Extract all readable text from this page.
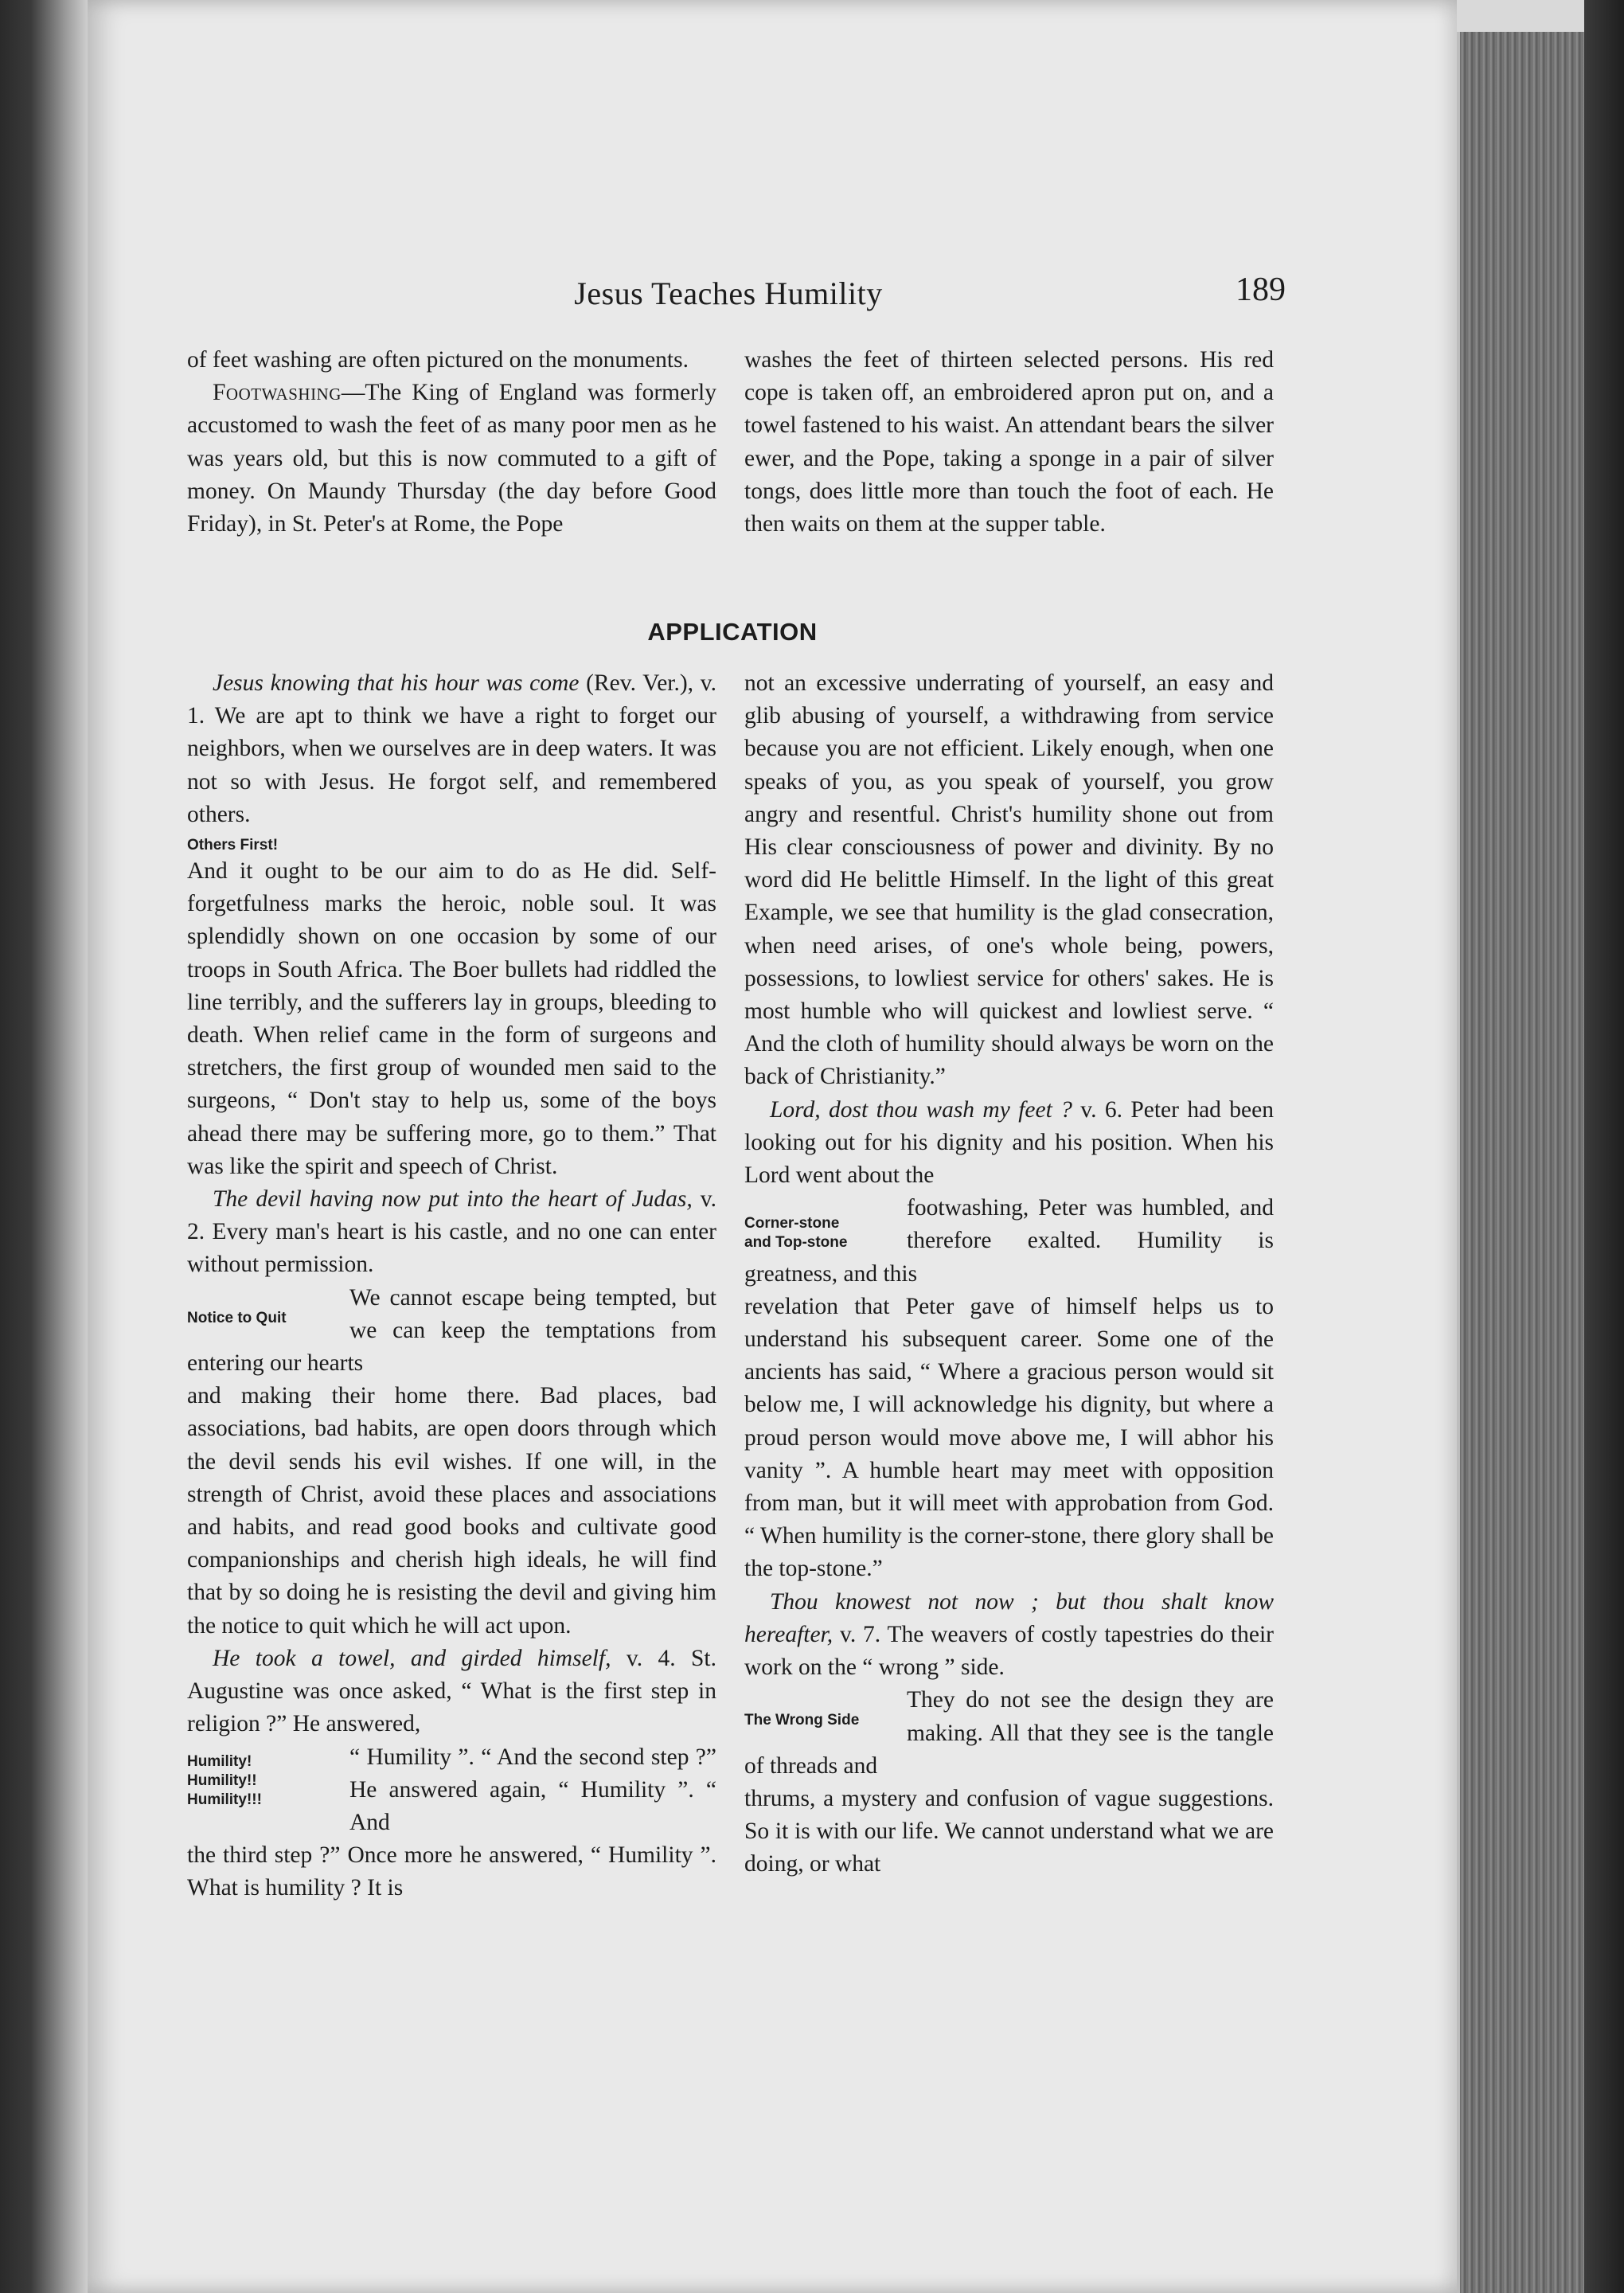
Jesus Teaches Humility	189

of feet washing are often pictured on the monuments.

Footwashing—The King of England was formerly accustomed to wash the feet of as many poor men as he was years old, but this is now commuted to a gift of money. On Maundy Thursday (the day before Good Friday), in St. Peter's at Rome, the Pope

washes the feet of thirteen selected persons. His red cope is taken off, an embroidered apron put on, and a towel fastened to his waist. An attendant bears the silver ewer, and the Pope, taking a sponge in a pair of silver tongs, does little more than touch the foot of each. He then waits on them at the supper table.

APPLICATION

Jesus knowing that his hour was come (Rev. Ver.), v. 1. We are apt to think we have a right to forget our neighbors, when we ourselves are in deep waters. It was not so with Jesus. He forgot self, and remembered others.

Others First!

And it ought to be our aim to do as He did. Self-forgetfulness marks the heroic, noble soul. It was splendidly shown on one occasion by some of our troops in South Africa. The Boer bullets had riddled the line terribly, and the sufferers lay in groups, bleeding to death. When relief came in the form of surgeons and stretchers, the first group of wounded men said to the surgeons, “ Don't stay to help us, some of the boys ahead there may be suffering more, go to them.” That was like the spirit and speech of Christ.

The devil having now put into the heart of Judas, v. 2. Every man's heart is his castle, and no one can enter without permission.

Notice to Quit
We cannot escape being tempted, but we can keep the temptations from entering our hearts

and making their home there. Bad places, bad associations, bad habits, are open doors through which the devil sends his evil wishes. If one will, in the strength of Christ, avoid these places and associations and habits, and read good books and cultivate good companionships and cherish high ideals, he will find that by so doing he is resisting the devil and giving him the notice to quit which he will act upon.

He took a towel, and girded himself, v. 4. St. Augustine was once asked, “ What is the first step in religion ?” He answered,

Humility!
Humility!!
Humility!!!
“ Humility ”. “ And the second step ?” He answered again, “ Humility ”. “ And

the third step ?” Once more he answered, “ Humility ”. What is humility ? It is

not an excessive underrating of yourself, an easy and glib abusing of yourself, a withdrawing from service because you are not efficient. Likely enough, when one speaks of you, as you speak of yourself, you grow angry and resentful. Christ's humility shone out from His clear consciousness of power and divinity. By no word did He belittle Himself. In the light of this great Example, we see that humility is the glad consecration, when need arises, of one's whole being, powers, possessions, to lowliest service for others' sakes. He is most humble who will quickest and lowliest serve. “ And the cloth of humility should always be worn on the back of Christianity.”

Lord, dost thou wash my feet ? v. 6. Peter had been looking out for his dignity and his position. When his Lord went about the

Corner-stone
and Top-stone
footwashing, Peter was humbled, and therefore exalted. Humility is greatness, and this

revelation that Peter gave of himself helps us to understand his subsequent career. Some one of the ancients has said, “ Where a gracious person would sit below me, I will acknowledge his dignity, but where a proud person would move above me, I will abhor his vanity ”. A humble heart may meet with opposition from man, but it will meet with approbation from God. “ When humility is the corner-stone, there glory shall be the top-stone.”

Thou knowest not now ; but thou shalt know hereafter, v. 7. The weavers of costly tapestries do their work on the “ wrong ” side.

The Wrong Side
They do not see the design they are making. All that they see is the tangle of threads and

thrums, a mystery and confusion of vague suggestions. So it is with our life. We cannot understand what we are doing, or what
